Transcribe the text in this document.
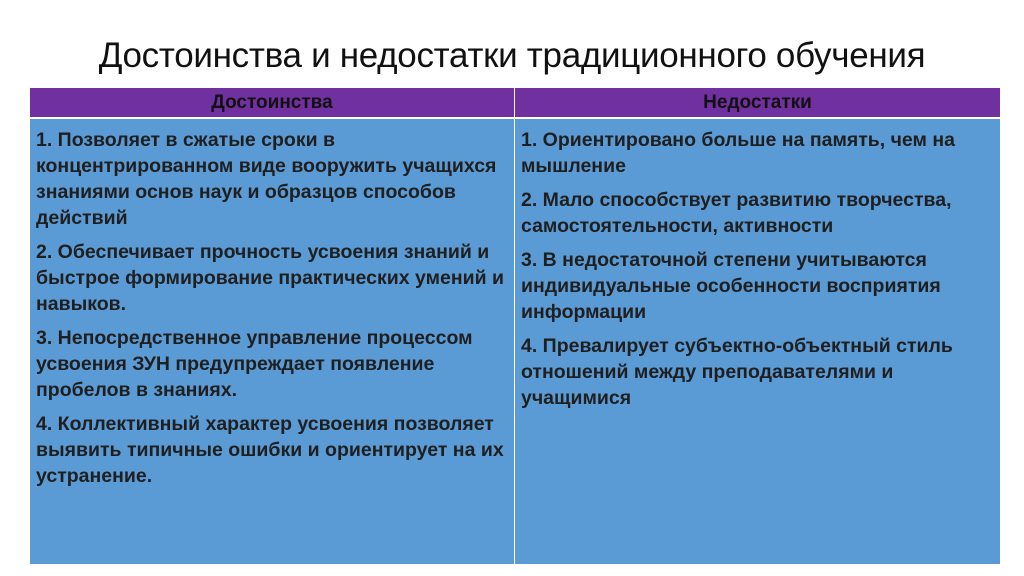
Достоинства и недостатки традиционного обучения
Достоинства	Недостатки
1. Позволяет в сжатые сроки в концентрированном виде вооружить учащихся знаниями основ наук и образцов способов действий
2. Обеспечивает прочность усвоения знаний и быстрое формирование практических умений и навыков.
3. Непосредственное управление процессом усвоения ЗУН предупреждает появление пробелов в знаниях.
4. Коллективный характер усвоения позволяет выявить типичные ошибки и ориентирует на их устранение.
1. Ориентировано больше на память, чем на мышление
2. Мало способствует развитию творчества, самостоятельности, активности
3. В недостаточной степени учитываются индивидуальные особенности восприятия информации
4. Превалирует субъектно-объектный стиль отношений между преподавателями и учащимися
